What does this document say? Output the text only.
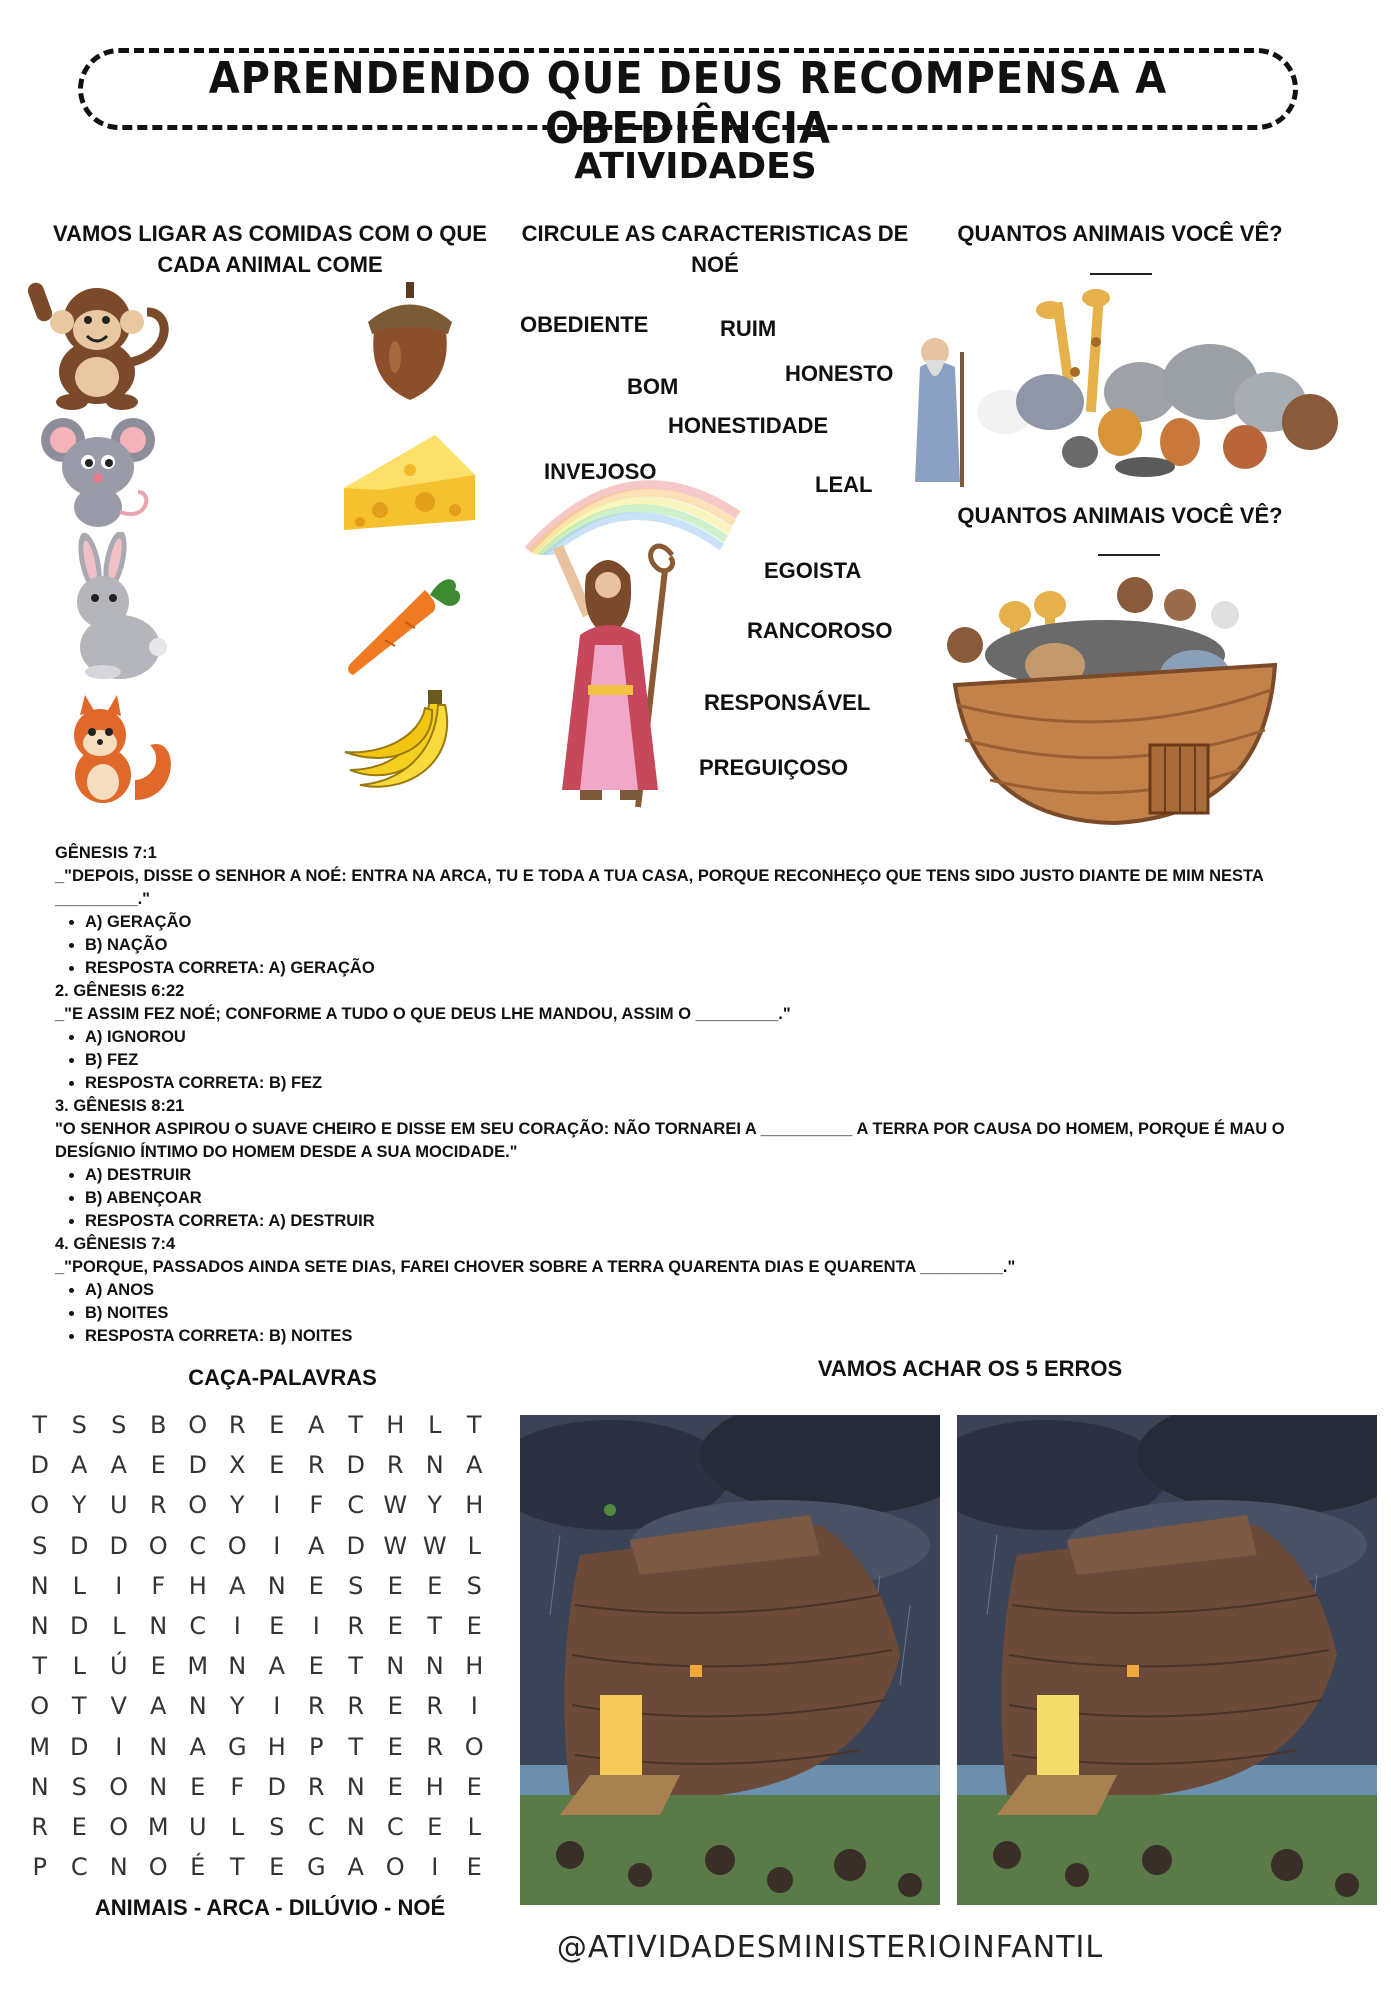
APRENDENDO QUE DEUS RECOMPENSA A OBEDIÊNCIA
ATIVIDADES
VAMOS LIGAR AS COMIDAS COM O QUE CADA ANIMAL COME
CIRCULE AS CARACTERISTICAS DE NOÉ
OBEDIENTE	RUIM
BOM
HONESTO
HONESTIDADE
INVEJOSO
LEAL
EGOISTA
RANCOROSO
RESPONSÁVEL
PREGUIÇOSO
QUANTOS ANIMAIS VOCÊ VÊ?
QUANTOS ANIMAIS VOCÊ VÊ?

GÊNESIS 7:1

_"DEPOIS, DISSE O SENHOR A NOÉ: ENTRA NA ARCA, TU E TODA A TUA CASA, PORQUE RECONHEÇO QUE TENS SIDO JUSTO DIANTE DE MIM NESTA _________."

• A) GERAÇÃO
• B) NAÇÃO
• RESPOSTA CORRETA: A) GERAÇÃO

2. GÊNESIS 6:22

_"E ASSIM FEZ NOÉ; CONFORME A TUDO O QUE DEUS LHE MANDOU, ASSIM O _________."

• A) IGNOROU
• B) FEZ
• RESPOSTA CORRETA: B) FEZ

3. GÊNESIS 8:21

"O SENHOR ASPIROU O SUAVE CHEIRO E DISSE EM SEU CORAÇÃO: NÃO TORNAREI A __________ A TERRA POR CAUSA DO HOMEM, PORQUE É MAU O DESÍGNIO ÍNTIMO DO HOMEM DESDE A SUA MOCIDADE."

• A) DESTRUIR
• B) ABENÇOAR
• RESPOSTA CORRETA: A) DESTRUIR

4. GÊNESIS 7:4

_"PORQUE, PASSADOS AINDA SETE DIAS, FAREI CHOVER SOBRE A TERRA QUARENTA DIAS E QUARENTA _________."

• A) ANOS
• B) NOITES
• RESPOSTA CORRETA: B) NOITES
CAÇA-PALAVRAS
T	S	S B O R E A T H L	T
D A A E D X E R D R N A
O Y U R O Y	I	F	C W Y H
S D D O C O	I	A D W W L
N L	I	F H A N E	S	E	E	S
N D L N C	I	E	I	R E	T	E
T	L	Ú E M N A E	T N N H
O T V A N Y	I	R R E R	I
M D	I	N A G H P	T	E R O
N S O N E	F D R N E H E
R E O M U	L	S C N C E	L
P C N O É	T	E G A O	I	E
ANIMAIS - ARCA - DILÚVIO - NOÉ
VAMOS ACHAR OS 5 ERROS
@ATIVIDADESMINISTERIOINFANTIL
